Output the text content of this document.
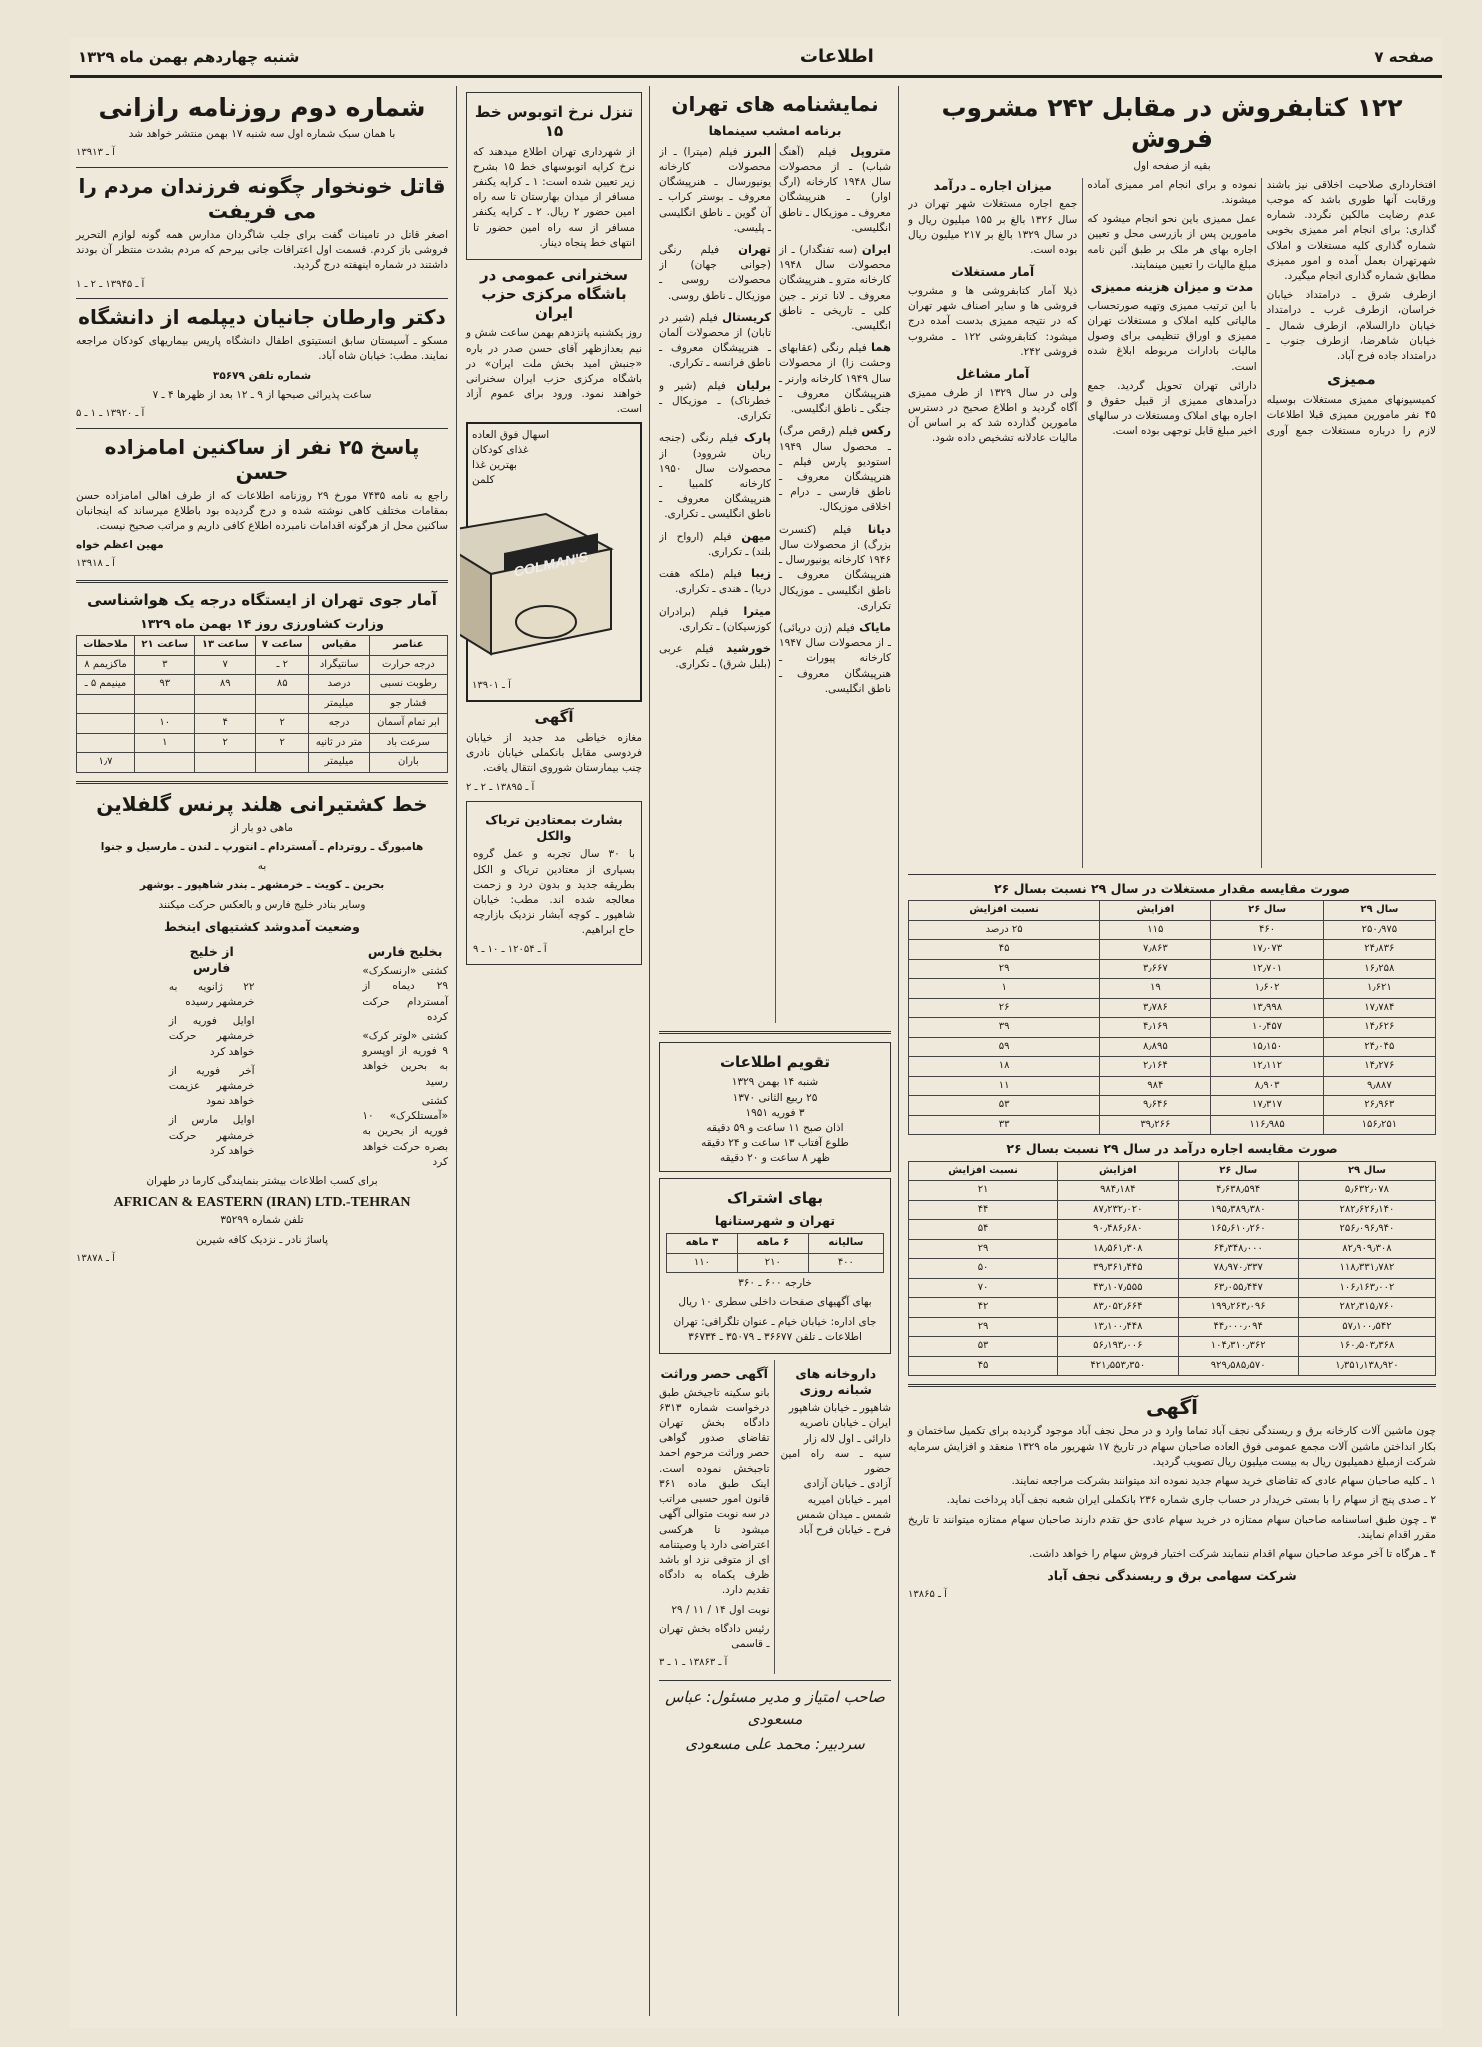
صفحه ۷
اطلاعات
شنبه چهاردهم بهمن ماه ۱۳۲۹
۱۲۲ کتابفروش در مقابل ۲۴۲ مشروب فروش
بقیه از صفحه اول

افتخارداری صلاحیت اخلاقی نیز باشند ورقابت آنها طوری باشد که موجب عدم رضایت مالکین نگردد. شماره گذاری: برای انجام امر ممیزی بخوبی شماره گذاری کلیه مستغلات و املاک شهرتهران بعمل آمده و امور ممیزی مطابق شماره گذاری انجام میگیرد.

ازطرف شرق ـ درامتداد خیابان خراسان، ازطرف غرب ـ درامتداد خیابان دارالسلام، ازطرف شمال ـ خیابان شاهرضا، ازطرف جنوب ـ درامتداد جاده فرح آباد.

ممیزی

کمیسیونهای ممیزی مستغلات بوسیله ۴۵ نفر مامورین ممیزی قبلا اطلاعات لازم را درباره مستغلات جمع آوری نموده و برای انجام امر ممیزی آماده میشوند.

عمل ممیزی باین نحو انجام میشود که مامورین پس از بازرسی محل و تعیین اجاره بهای هر ملک بر طبق آئین نامه مبلغ مالیات را تعیین مینمایند.

مدت و میزان هزینه ممیزی

با این ترتیب ممیزی وتهیه صورتحساب مالیاتی کلیه املاک و مستغلات تهران ممیزی و اوراق تنظیمی برای وصول مالیات بادارات مربوطه ابلاغ شده است.

دارائی تهران تحویل گردید. جمع درآمدهای ممیزی از قبیل حقوق و اجاره بهای املاک ومستغلات در سالهای اخیر مبلغ قابل توجهی بوده است.

میزان اجاره ـ درآمد

جمع اجاره مستغلات شهر تهران در سال ۱۳۲۶ بالغ بر ۱۵۵ میلیون ریال و در سال ۱۳۲۹ بالغ بر ۲۱۷ میلیون ریال بوده است.

آمار مستغلات

ذیلا آمار کتابفروشی ها و مشروب فروشی ها و سایر اصناف شهر تهران که در نتیجه ممیزی بدست آمده درج میشود: کتابفروشی ۱۲۲ ـ مشروب فروشی ۲۴۲.

آمار مشاغل

ولی در سال ۱۳۲۹ از طرف ممیزی آگاه گردید و اطلاع صحیح در دسترس مامورین گذارده شد که بر اساس آن مالیات عادلانه تشخیص داده شود.

صورت مقایسه مقدار مستغلات در سال ۲۹ نسبت بسال ۲۶
سال ۲۹	سال ۲۶	افزایش	نسبت افزایش
۲۵۰٫۹۷۵	۴۶۰	۱۱۵	۲۵ درصد
۲۴٫۸۳۶	۱۷٫۰۷۳	۷٫۸۶۳	۴۵
۱۶٫۲۵۸	۱۲٫۷۰۱	۳٫۶۶۷	۲۹
۱٫۶۲۱	۱٫۶۰۲	۱۹	۱
۱۷٫۷۸۴	۱۳٫۹۹۸	۳٫۷۸۶	۲۶
۱۴٫۶۲۶	۱۰٫۴۵۷	۴٫۱۶۹	۳۹
۲۴٫۰۴۵	۱۵٫۱۵۰	۸٫۸۹۵	۵۹
۱۴٫۲۷۶	۱۲٫۱۱۲	۲٫۱۶۴	۱۸
۹٫۸۸۷	۸٫۹۰۳	۹۸۴	۱۱
۲۶٫۹۶۳	۱۷٫۳۱۷	۹٫۶۴۶	۵۳
۱۵۶٫۲۵۱	۱۱۶٫۹۸۵	۳۹٫۲۶۶	۳۳
صورت مقایسه اجاره درآمد در سال ۲۹ نسبت بسال ۲۶
سال ۲۹	سال ۲۶	افزایش	نسبت افزایش
۵٫۶۳۲٫۰۷۸	۴٫۶۳۸٫۵۹۴	۹۸۴٫۱۸۴	۲۱
۲۸۲٫۶۲۶٫۱۴۰	۱۹۵٫۳۸۹٫۳۸۰	۸۷٫۲۳۲٫۰۲۰	۴۴
۲۵۶٫۰۹۶٫۹۴۰	۱۶۵٫۶۱۰٫۲۶۰	۹۰٫۴۸۶٫۶۸۰	۵۴
۸۲٫۹۰۹٫۳۰۸	۶۴٫۳۴۸٫۰۰۰	۱۸٫۵۶۱٫۳۰۸	۲۹
۱۱۸٫۳۳۱٫۷۸۲	۷۸٫۹۷۰٫۳۳۷	۳۹٫۳۶۱٫۴۴۵	۵۰
۱۰۶٫۱۶۳٫۰۰۲	۶۳٫۰۵۵٫۴۴۷	۴۳٫۱۰۷٫۵۵۵	۷۰
۲۸۲٫۳۱۵٫۷۶۰	۱۹۹٫۲۶۳٫۰۹۶	۸۳٫۰۵۲٫۶۶۴	۴۲
۵۷٫۱۰۰٫۵۴۲	۴۴٫۰۰۰٫۰۹۴	۱۳٫۱۰۰٫۴۴۸	۲۹
۱۶۰٫۵۰۳٫۳۶۸	۱۰۴٫۳۱۰٫۳۶۲	۵۶٫۱۹۳٫۰۰۶	۵۳
۱٫۳۵۱٫۱۳۸٫۹۲۰	۹۲۹٫۵۸۵٫۵۷۰	۴۲۱٫۵۵۳٫۳۵۰	۴۵
آگهی

چون ماشین آلات کارخانه برق و ریسندگی نجف آباد تماما وارد و در محل نجف آباد موجود گردیده برای تکمیل ساختمان و بکار انداختن ماشین آلات مجمع عمومی فوق العاده صاحبان سهام در تاریخ ۱۷ شهریور ماه ۱۳۲۹ منعقد و افزایش سرمایه شرکت ازمبلغ دهمیلیون ریال به بیست میلیون ریال تصویب گردید.

۱ ـ کلیه صاحبان سهام عادی که تقاضای خرید سهام جدید نموده اند میتوانند بشرکت مراجعه نمایند.

۲ ـ صدی پنج از سهام را با بستی خریدار در حساب جاری شماره ۲۳۶ بانکملی ایران شعبه نجف آباد پرداخت نماید.

۳ ـ چون طبق اساسنامه صاحبان سهام ممتازه در خرید سهام عادی حق تقدم دارند صاحبان سهام ممتازه میتوانند تا تاریخ مقرر اقدام نمایند.

۴ ـ هرگاه تا آخر موعد صاحبان سهام اقدام ننمایند شرکت اختیار فروش سهام را خواهد داشت.

شرکت سهامی برق و ریسندگی نجف آباد
آ ـ ۱۳۸۶۵
نمایشنامه های تهران
برنامه امشب سینماها
متروپل فیلم (آهنگ شباب) ـ از محصولات سال ۱۹۴۸ کارخانه (ارگ اوار) ـ هنرپیشگان معروف ـ موزیکال ـ ناطق انگلیسی.
ایران (سه تفنگدار) ـ از محصولات سال ۱۹۴۸ کارخانه مترو ـ هنرپیشگان معروف ـ لانا ترنر ـ جین کلی ـ تاریخی ـ ناطق انگلیسی.
هما فیلم رنگی (عقابهای وحشت زا) از محصولات سال ۱۹۴۹ کارخانه وارنر ـ هنرپیشگان معروف ـ جنگی ـ ناطق انگلیسی.
رکس فیلم (رقص مرگ) ـ محصول سال ۱۹۴۹ استودیو پارس فیلم ـ هنرپیشگان معروف ـ ناطق فارسی ـ درام ـ اخلاقی موزیکال.
دیانا فیلم (کنسرت بزرگ) از محصولات سال ۱۹۴۶ کارخانه یونیورسال ـ هنرپیشگان معروف ـ ناطق انگلیسی ـ موزیکال تکراری.
مایاک فیلم (زن دریائی) ـ از محصولات سال ۱۹۴۷ کارخانه پیورات ـ هنرپیشگان معروف ـ ناطق انگلیسی.
البرز فیلم (میترا) ـ از محصولات کارخانه یونیورسال ـ هنرپیشگان معروف ـ بوستر کراب ـ آن گوین ـ ناطق انگلیسی ـ پلیسی.
تهران فیلم رنگی (جوانی جهان) از محصولات روسی ـ موزیکال ـ ناطق روسی.
کریستال فیلم (شیر در تابان) از محصولات آلمان ـ هنرپیشگان معروف ـ ناطق فرانسه ـ تکراری.
برلیان فیلم (شیر و خطرناک) ـ موزیکال ـ تکراری.
پارک فیلم رنگی (جنجه ربان شروود) از محصولات سال ۱۹۵۰ کارخانه کلمبیا ـ هنرپیشگان معروف ـ ناطق انگلیسی ـ تکراری.
میهن فیلم (ارواح از بلند) ـ تکراری.
زیبا فیلم (ملکه هفت دریا) ـ هندی ـ تکراری.
میترا فیلم (برادران کوزسیکان) ـ تکراری.
خورشید فیلم عربی (بلبل شرق) ـ تکراری.
تقویم اطلاعات
شنبه ۱۴ بهمن ۱۳۲۹
۲۵ ربیع الثانی ۱۳۷۰
۳ فوریه ۱۹۵۱
اذان صبح ۱۱ ساعت و ۵۹ دقیقه
طلوع آفتاب ۱۳ ساعت و ۲۴ دقیقه
ظهر ۸ ساعت و ۲۰ دقیقه
بهای اشتراک
تهران و شهرستانها
سالیانه	۶ ماهه	۳ ماهه
۴۰۰	۲۱۰	۱۱۰

خارجه ۶۰۰ ـ ۳۶۰

بهای آگهیهای صفحات داخلی سطری ۱۰ ریال

جای اداره: خیابان خیام ـ عنوان تلگرافی: تهران اطلاعات ـ تلفن ۳۶۶۷۷ ـ ۳۵۰۷۹ ـ ۳۶۷۳۴

داروخانه های شبانه روزی
شاهپور ـ خیابان شاهپور
ایران ـ خیابان ناصریه
دارائی ـ اول لاله زار
سپه ـ سه راه امین حضور
آزادی ـ خیابان آزادی
امیر ـ خیابان امیریه
شمس ـ میدان شمس
فرح ـ خیابان فرح آباد
آگهی حصر وراثت

بانو سکینه تاجیخش طبق درخواست شماره ۶۳۱۳ دادگاه بخش تهران تقاضای صدور گواهی حصر وراثت مرحوم احمد تاجبخش نموده است. اینک طبق ماده ۳۶۱ قانون امور حسبی مراتب در سه نوبت متوالی آگهی میشود تا هرکسی اعتراضی دارد یا وصیتنامه ای از متوفی نزد او باشد ظرف یکماه به دادگاه تقدیم دارد.

نوبت اول ۱۴ / ۱۱ / ۲۹

رئیس دادگاه بخش تهران ـ قاسمی

آ ـ ۱۳۸۶۳ ـ ۱ ـ ۳
صاحب امتیاز و مدیر مسئول: عباس مسعودی
سردبیر: محمد علی مسعودی
تنزل نرخ اتوبوس خط ۱۵

از شهرداری تهران اطلاع میدهند که نرخ کرایه اتوبوسهای خط ۱۵ بشرح زیر تعیین شده است: ۱ ـ کرایه یکنفر مسافر از میدان بهارستان تا سه راه امین حضور ۲ ریال. ۲ ـ کرایه یکنفر مسافر از سه راه امین حضور تا انتهای خط پنجاه دینار.

سخنرانی عمومی در باشگاه مرکزی حزب ایران

روز یکشنبه پانزدهم بهمن ساعت شش و نیم بعدازظهر آقای حسن صدر در باره «جنبش امید بخش ملت ایران» در باشگاه مرکزی حزب ایران سخنرانی خواهند نمود. ورود برای عموم آزاد است.

اسهال فوق العاده
غذای کودکان
بهترین غذا
کلمن
COLMAN'S
آ ـ ۱۳۹۰۱
آگهی

مغازه خیاطی مد جدید از خیابان فردوسی مقابل بانکملی خیابان نادری چنب بیمارستان شوروی انتقال یافت.

آ ـ ۱۳۸۹۵ ـ ۲ ـ ۲
بشارت بمعتادین تریاک والکل

با ۳۰ سال تجربه و عمل گروه بسیاری از معتادین تریاک و الکل بطریقه جدید و بدون درد و زحمت معالجه شده اند. مطب: خیابان شاهپور ـ کوچه آبشار نزدیک بازارچه حاج ابراهیم.

آ ـ ۱۲۰۵۴ ـ ۱۰ ـ ۹
شماره دوم روزنامه رازانی
با همان سبک شماره اول سه شنبه ۱۷ بهمن منتشر خواهد شد
آ ـ ۱۳۹۱۳
قاتل خونخوار چگونه فرزندان مردم را می فریفت

اصغر قاتل در تامینات گفت برای جلب شاگردان مدارس همه گونه لوازم التحریر فروشی باز کردم. قسمت اول اعترافات جانی بیرحم که مردم بشدت منتظر آن بودند داشتند در شماره اینهفته درج گردید.

آ ـ ۱۳۹۴۵ ـ ۲ ـ ۱
دکتر وارطان جانیان دیپلمه از دانشگاه

مسکو ـ آسیستان سابق انستیتوی اطفال دانشگاه پاریس بیماریهای کودکان مراجعه نمایند. مطب: خیابان شاه آباد.

شماره تلفن ۳۵۶۷۹

ساعت پذیرائی صبحها از ۹ ـ ۱۲ بعد از ظهرها ۴ ـ ۷

آ ـ ۱۳۹۲۰ ـ ۱ ـ ۵
پاسخ ۲۵ نفر از ساکنین امامزاده حسن

راجع به نامه ۷۴۳۵ مورخ ۲۹ روزنامه اطلاعات که از طرف اهالی امامزاده حسن بمقامات مختلف کاهی نوشته شده و درج گردیده بود باطلاع میرساند که اینجانبان ساکنین محل از هرگونه اقدامات نامبرده اطلاع کافی داریم و مراتب صحیح نیست.

مهین اعظم خواه

آ ـ ۱۳۹۱۸
آمار جوی تهران از ایستگاه درجه یک هواشناسی
وزارت کشاورزی روز ۱۴ بهمن ماه ۱۳۲۹
عناصر	مقیاس	ساعت ۷	ساعت ۱۳	ساعت ۲۱	ملاحظات
درجه حرارت	سانتیگراد	۲ ـ	۷	۳	ماکزیمم ۸
رطوبت نسبی	درصد	۸۵	۸۹	۹۳	مینیمم ۵ ـ
فشار جو	میلیمتر				
ابر تمام آسمان	درجه	۲	۴	۱۰	
سرعت باد	متر در ثانیه	۲	۲	۱	
باران	میلیمتر				۱٫۷
خط کشتیرانی هلند پرنس گلفلاین
ماهی دو بار از
هامبورگ ـ روتردام ـ آمستردام ـ انتورپ ـ لندن ـ مارسیل و جنوا
به
بحرین ـ کویت ـ خرمشهر ـ بندر شاهپور ـ بوشهر
وسایر بنادر خلیج فارس و بالعکس حرکت میکنند
وضعیت آمدوشد کشتیهای اینخط
بخلیج فارس

کشتی «ارنسکرک» ۲۹ دیماه از آمستردام حرکت کرده

کشتی «لوتر کرک» ۹ فوریه از اوپسرو به بحرین خواهد رسید

کشتی «آمستلکرک» ۱۰ فوریه از بحرین به بصره حرکت خواهد کرد

از خلیج فارس

۲۲ ژانویه به خرمشهر رسیده

اوایل فوریه از خرمشهر حرکت خواهد کرد

آخر فوریه از خرمشهر عزیمت خواهد نمود

اوایل مارس از خرمشهر حرکت خواهد کرد

برای کسب اطلاعات بیشتر بنمایندگی کارما در طهران
AFRICAN & EASTERN (IRAN) LTD.-TEHRAN
تلفن شماره ۳۵۲۹۹
پاساژ نادر ـ نزدیک کافه شیرین
آ ـ ۱۳۸۷۸
